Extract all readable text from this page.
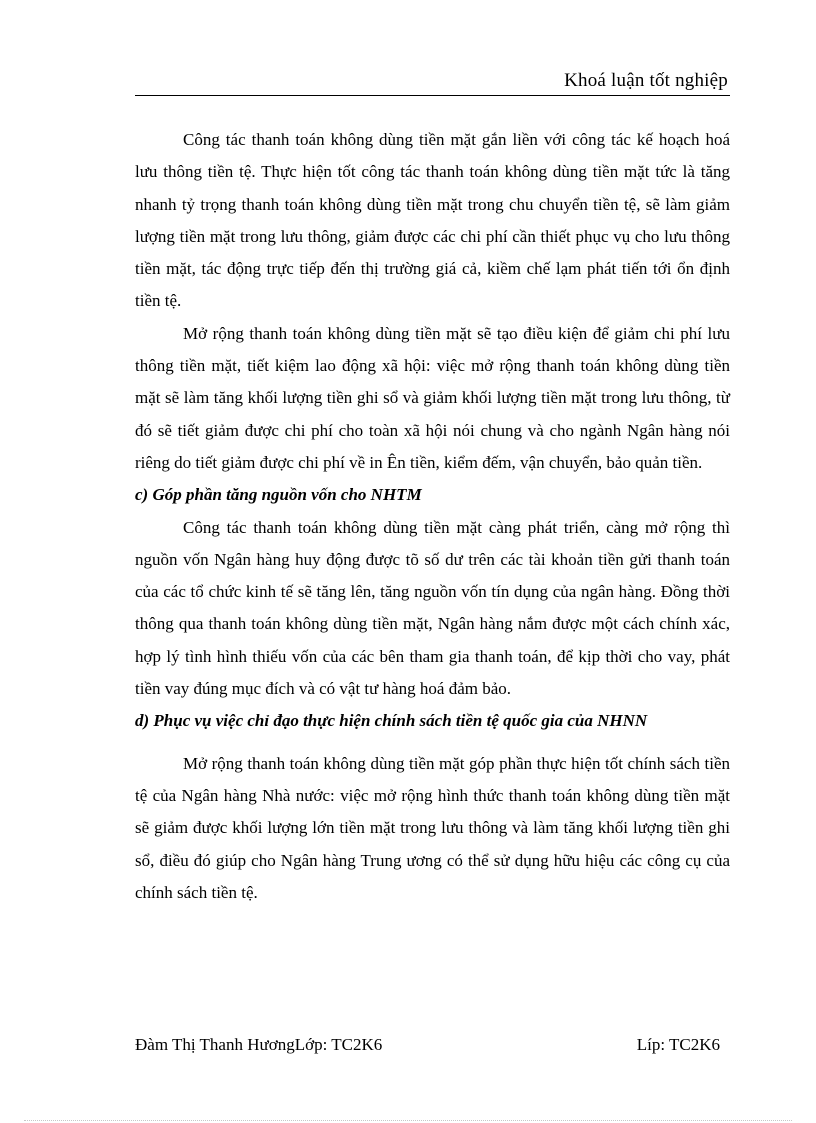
Khoá luận tốt nghiệp

Công tác thanh toán không dùng tiền mặt gắn liền với công tác kế hoạch hoá lưu thông tiền tệ. Thực hiện tốt công tác thanh toán không dùng tiền mặt tức là tăng nhanh tỷ trọng thanh toán không dùng tiền mặt trong chu chuyển tiền tệ, sẽ làm giảm lượng tiền mặt trong lưu thông, giảm được các chi phí cần thiết phục vụ cho lưu thông tiền mặt, tác động trực tiếp đến thị trường giá cả, kiềm chế lạm phát tiến tới ổn định tiền tệ.

Mở rộng thanh toán không dùng tiền mặt sẽ tạo điều kiện để giảm chi phí lưu thông tiền mặt, tiết kiệm lao động xã hội: việc mở rộng thanh toán không dùng tiền mặt sẽ làm tăng khối lượng tiền ghi sổ và giảm khối lượng tiền mặt trong lưu thông, từ đó sẽ tiết giảm được chi phí cho toàn xã hội nói chung và cho ngành Ngân hàng nói riêng do tiết giảm được chi phí về in Ên tiền, kiểm đếm, vận chuyển, bảo quản tiền.

c) Góp phần tăng nguồn vốn cho NHTM

Công tác thanh toán không dùng tiền mặt càng phát triển, càng mở rộng thì nguồn vốn Ngân hàng huy động được tõ số dư trên các tài khoản tiền gửi thanh toán của các tổ chức kinh tế sẽ tăng lên, tăng nguồn vốn tín dụng của ngân hàng. Đồng thời thông qua thanh toán không dùng tiền mặt, Ngân hàng nắm được một cách chính xác, hợp lý tình hình thiếu vốn của các bên tham gia thanh toán, để kịp thời cho vay, phát tiền vay đúng mục đích và có vật tư hàng hoá đảm bảo.

d) Phục vụ việc chỉ đạo thực hiện chính sách tiền tệ quốc gia của NHNN

Mở rộng thanh toán không dùng tiền mặt góp phần thực hiện tốt chính sách tiền tệ của Ngân hàng Nhà nước: việc mở rộng hình thức thanh toán không dùng tiền mặt sẽ giảm được khối lượng lớn tiền mặt trong lưu thông và làm tăng khối lượng tiền ghi sổ, điều đó giúp cho Ngân hàng Trung ương có thể sử dụng hữu hiệu các công cụ của chính sách tiền tệ.

Đàm Thị Thanh HươngLớp: TC2K6	Líp: TC2K6
